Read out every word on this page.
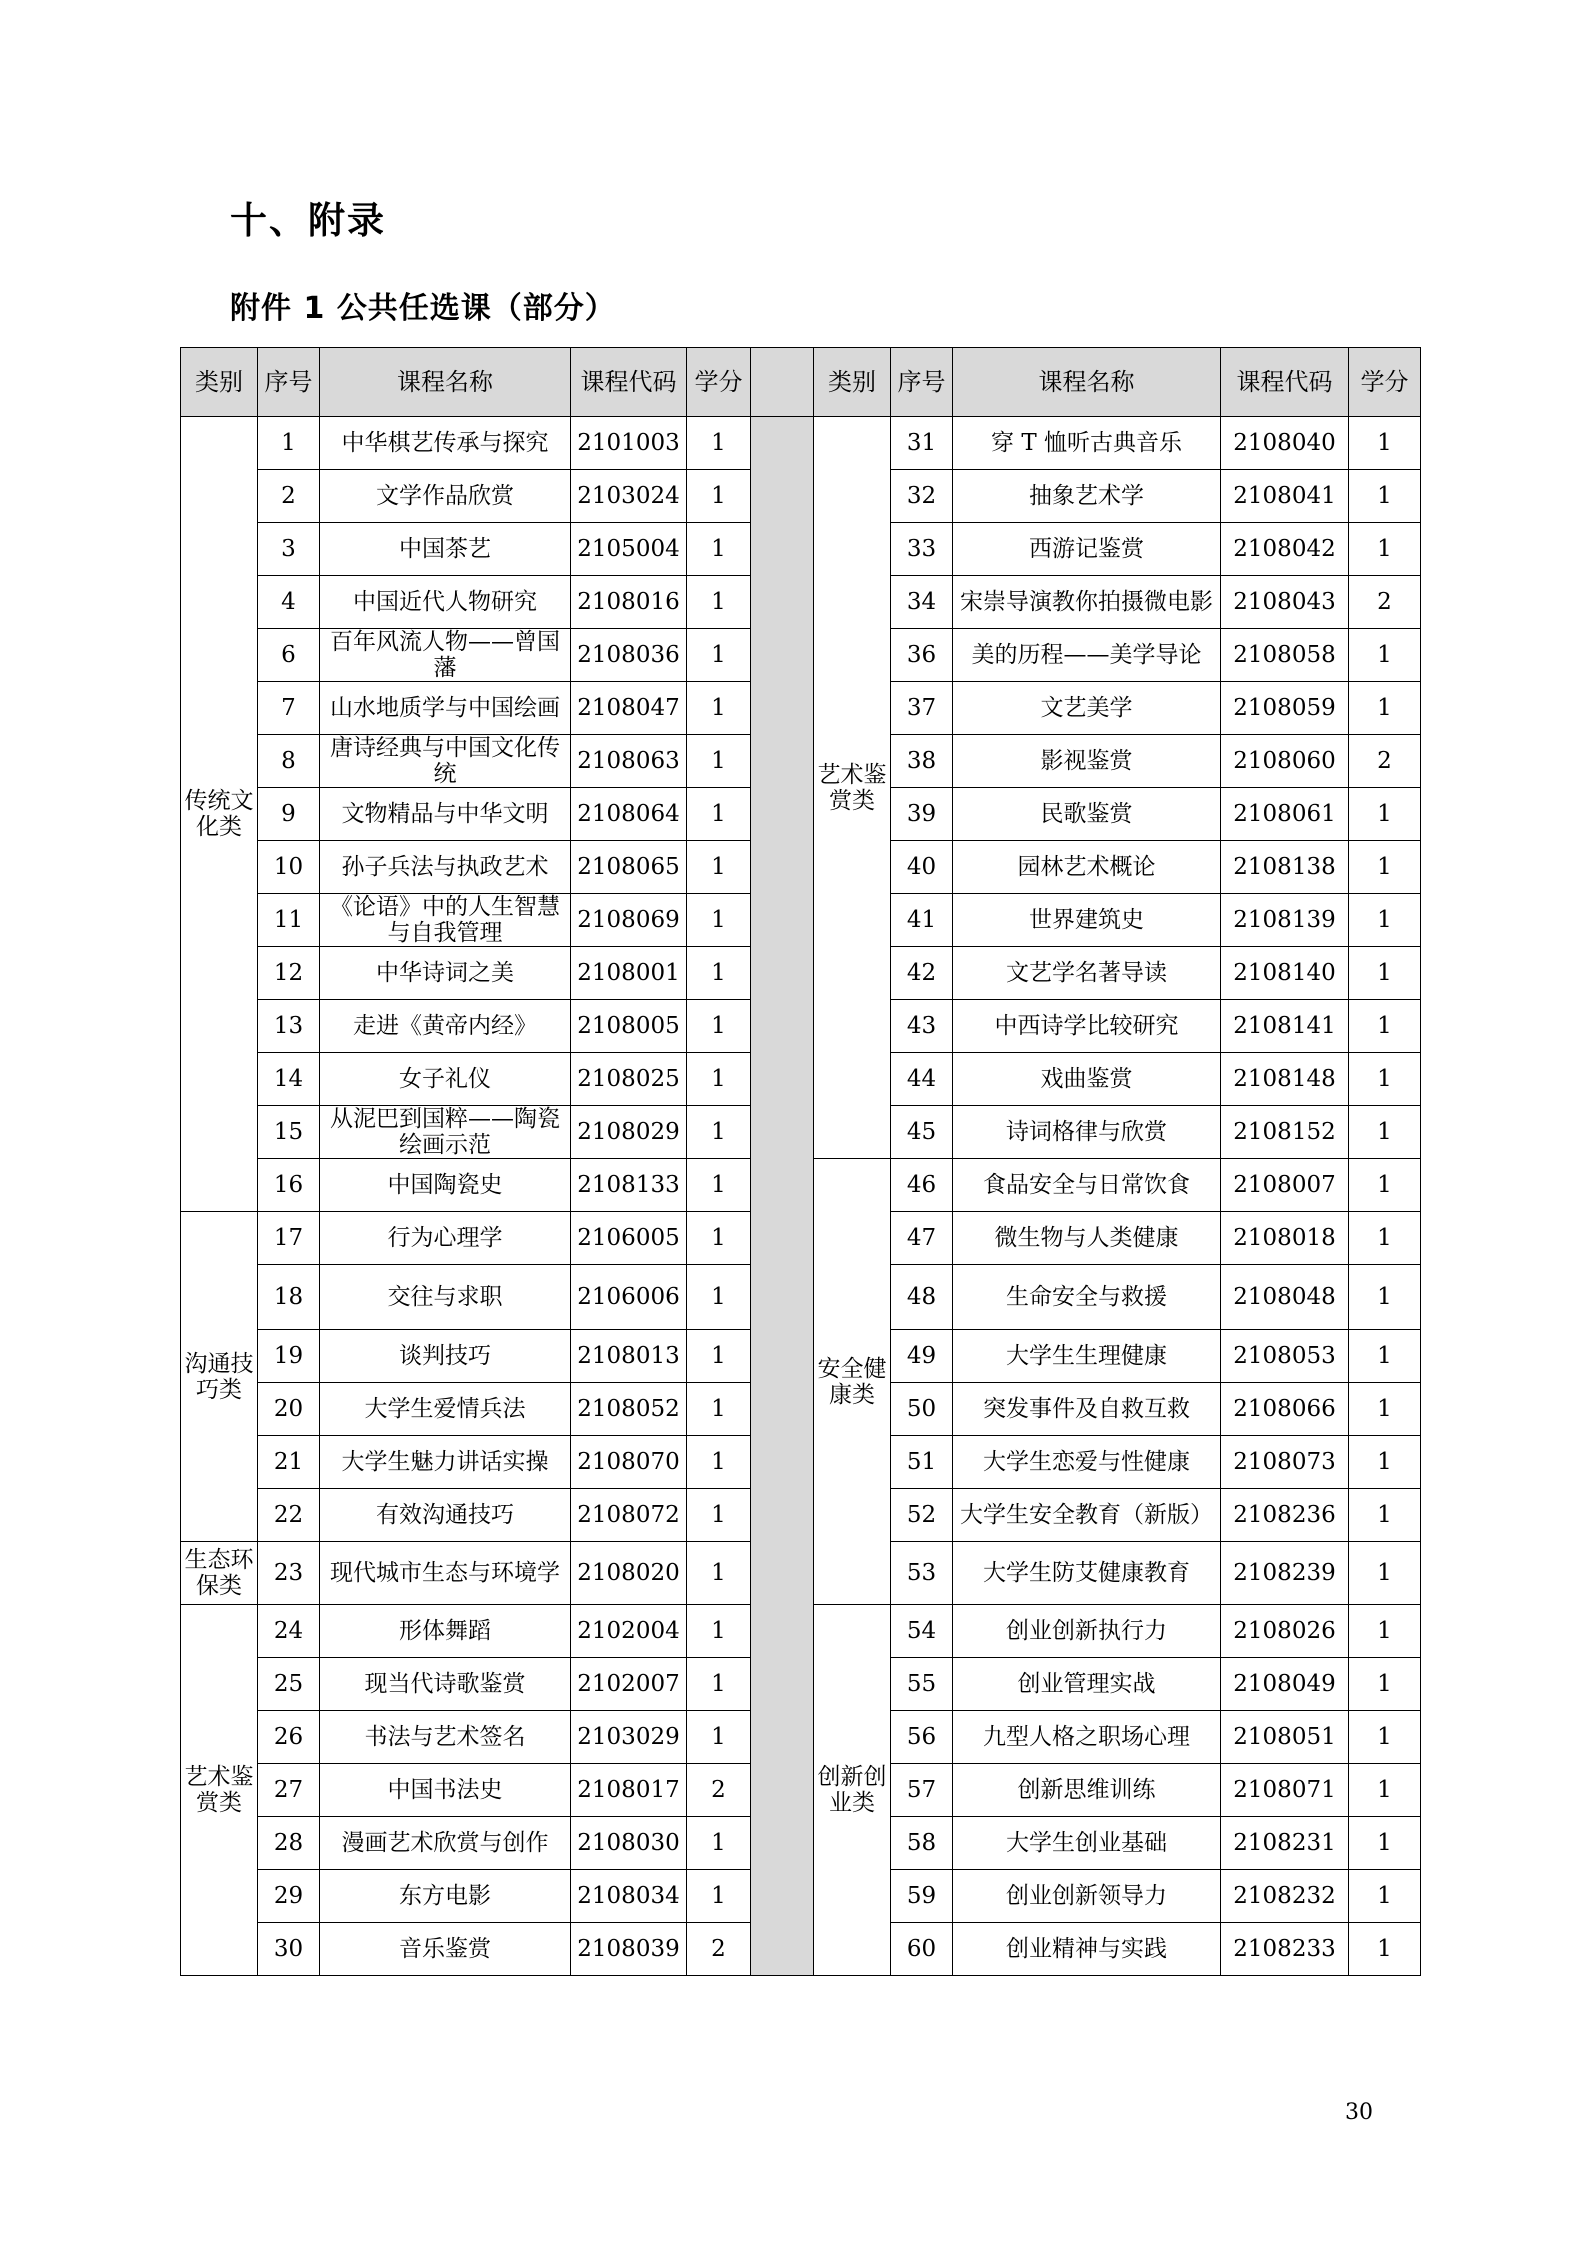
十、附录
附件 1 公共任选课（部分）
类别	序号	课程名称	课程代码	学分		类别	序号	课程名称	课程代码	学分
传统文化类	1	中华棋艺传承与探究	2101003	1		艺术鉴赏类	31	穿 T 恤听古典音乐	2108040	1
	2	文学作品欣赏	2103024	1			32	抽象艺术学	2108041	1
	3	中国茶艺	2105004	1			33	西游记鉴赏	2108042	1
	4	中国近代人物研究	2108016	1			34	宋崇导演教你拍摄微电影	2108043	2
	6	百年风流人物——曾国藩	2108036	1			36	美的历程——美学导论	2108058	1
	7	山水地质学与中国绘画	2108047	1			37	文艺美学	2108059	1
	8	唐诗经典与中国文化传统	2108063	1			38	影视鉴赏	2108060	2
	9	文物精品与中华文明	2108064	1			39	民歌鉴赏	2108061	1
	10	孙子兵法与执政艺术	2108065	1			40	园林艺术概论	2108138	1
	11	《论语》中的人生智慧与自我管理	2108069	1			41	世界建筑史	2108139	1
	12	中华诗词之美	2108001	1			42	文艺学名著导读	2108140	1
	13	走进《黄帝内经》	2108005	1			43	中西诗学比较研究	2108141	1
	14	女子礼仪	2108025	1			44	戏曲鉴赏	2108148	1
	15	从泥巴到国粹——陶瓷绘画示范	2108029	1			45	诗词格律与欣赏	2108152	1
	16	中国陶瓷史	2108133	1		安全健康类	46	食品安全与日常饮食	2108007	1
沟通技巧类	17	行为心理学	2106005	1			47	微生物与人类健康	2108018	1
	18	交往与求职	2106006	1			48	生命安全与救援	2108048	1
	19	谈判技巧	2108013	1			49	大学生生理健康	2108053	1
	20	大学生爱情兵法	2108052	1			50	突发事件及自救互救	2108066	1
	21	大学生魅力讲话实操	2108070	1			51	大学生恋爱与性健康	2108073	1
	22	有效沟通技巧	2108072	1			52	大学生安全教育（新版）	2108236	1
生态环保类	23	现代城市生态与环境学	2108020	1			53	大学生防艾健康教育	2108239	1
艺术鉴赏类	24	形体舞蹈	2102004	1		创新创业类	54	创业创新执行力	2108026	1
	25	现当代诗歌鉴赏	2102007	1			55	创业管理实战	2108049	1
	26	书法与艺术签名	2103029	1			56	九型人格之职场心理	2108051	1
	27	中国书法史	2108017	2			57	创新思维训练	2108071	1
	28	漫画艺术欣赏与创作	2108030	1			58	大学生创业基础	2108231	1
	29	东方电影	2108034	1			59	创业创新领导力	2108232	1
	30	音乐鉴赏	2108039	2			60	创业精神与实践	2108233	1
30
